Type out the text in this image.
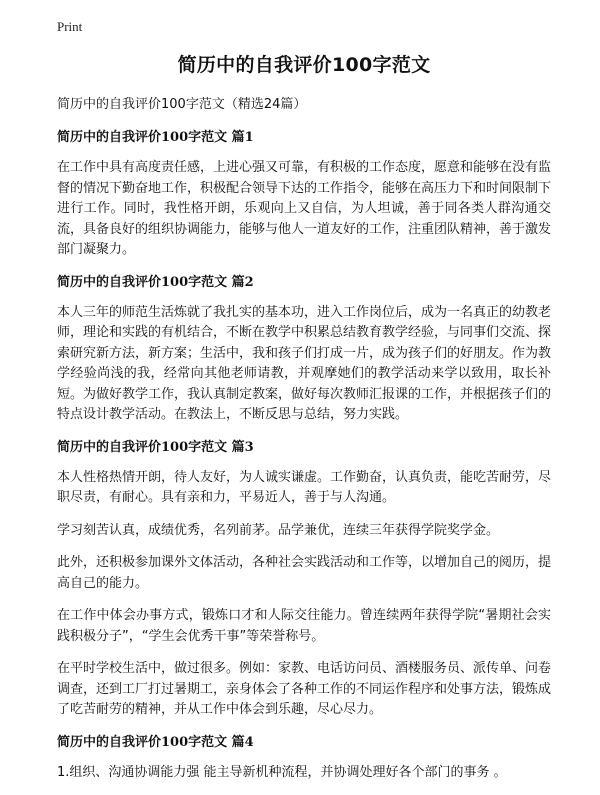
Print
简历中的自我评价100字范文
简历中的自我评价100字范文（精选24篇）
简历中的自我评价100字范文 篇1

在工作中具有高度责任感，上进心强又可靠，有积极的工作态度，愿意和能够在没有监督的情况下勤奋地工作，积极配合领导下达的工作指令，能够在高压力下和时间限制下进行工作。同时，我性格开朗，乐观向上又自信，为人坦诚，善于同各类人群沟通交流，具备良好的组织协调能力，能够与他人一道友好的工作，注重团队精神，善于激发部门凝聚力。

简历中的自我评价100字范文 篇2

本人三年的师范生活炼就了我扎实的基本功，进入工作岗位后，成为一名真正的幼教老师，理论和实践的有机结合，不断在教学中积累总结教育教学经验，与同事们交流、探索研究新方法，新方案；生活中，我和孩子们打成一片，成为孩子们的好朋友。作为教学经验尚浅的我，经常向其他老师请教，并观摩她们的教学活动来学以致用，取长补短。为做好教学工作，我认真制定教案，做好每次教师汇报课的工作，并根据孩子们的特点设计教学活动。在教法上，不断反思与总结，努力实践。

简历中的自我评价100字范文 篇3

本人性格热情开朗，待人友好，为人诚实谦虚。工作勤奋，认真负责，能吃苦耐劳，尽职尽责，有耐心。具有亲和力，平易近人，善于与人沟通。

学习刻苦认真，成绩优秀，名列前茅。品学兼优，连续三年获得学院奖学金。

此外，还积极参加课外文体活动，各种社会实践活动和工作等，以增加自己的阅历，提高自己的能力。

在工作中体会办事方式，锻炼口才和人际交往能力。曾连续两年获得学院“暑期社会实践积极分子”，“学生会优秀干事”等荣誉称号。

在平时学校生活中，做过很多。例如：家教、电话访问员、酒楼服务员、派传单、问卷调查，还到工厂打过暑期工，亲身体会了各种工作的不同运作程序和处事方法，锻炼成了吃苦耐劳的精神，并从工作中体会到乐趣，尽心尽力。

简历中的自我评价100字范文 篇4

1.组织、沟通协调能力强 能主导新机种流程，并协调处理好各个部门的事务 。
